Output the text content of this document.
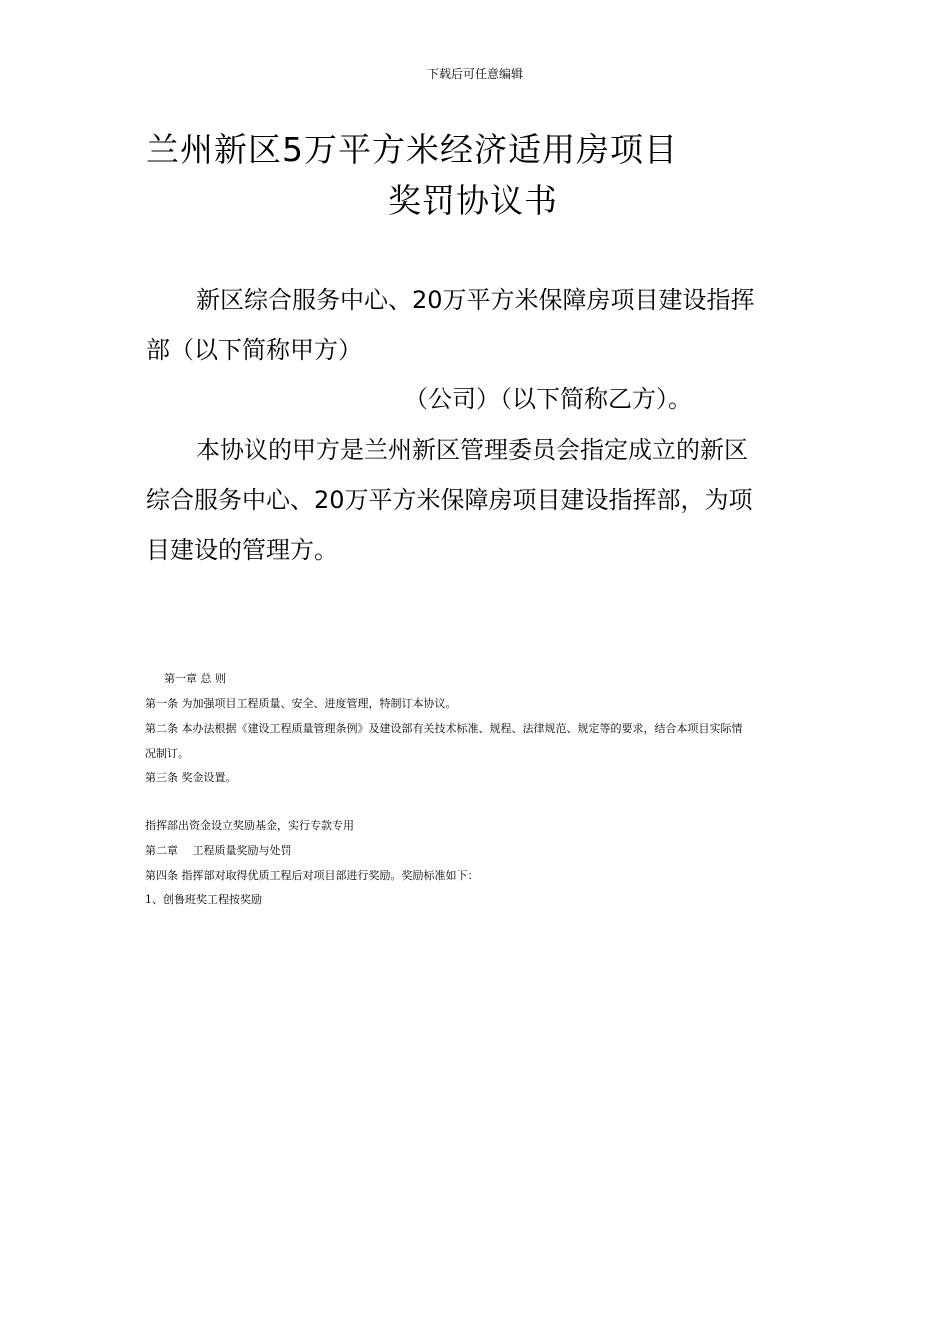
下载后可任意编辑
兰州新区5万平方米经济适用房项目
奖罚协议书
新区综合服务中心、20万平方米保障房项目建设指挥
部（以下简称甲方）
（公司）（以下简称乙方）。
本协议的甲方是兰州新区管理委员会指定成立的新区
综合服务中心、20万平方米保障房项目建设指挥部，为项
目建设的管理方。
第一章 总 则
第一条 为加强项目工程质量、安全、进度管理，特制订本协议。
第二条 本办法根据《建设工程质量管理条例》及建设部有关技术标准、规程、法律规范、规定等的要求，结合本项目实际情
况制订。
第三条 奖金设置。
指挥部出资金设立奖励基金，实行专款专用
第二章 　工程质量奖励与处罚
第四条 指挥部对取得优质工程后对项目部进行奖励。奖励标准如下：
1、创鲁班奖工程按奖励
